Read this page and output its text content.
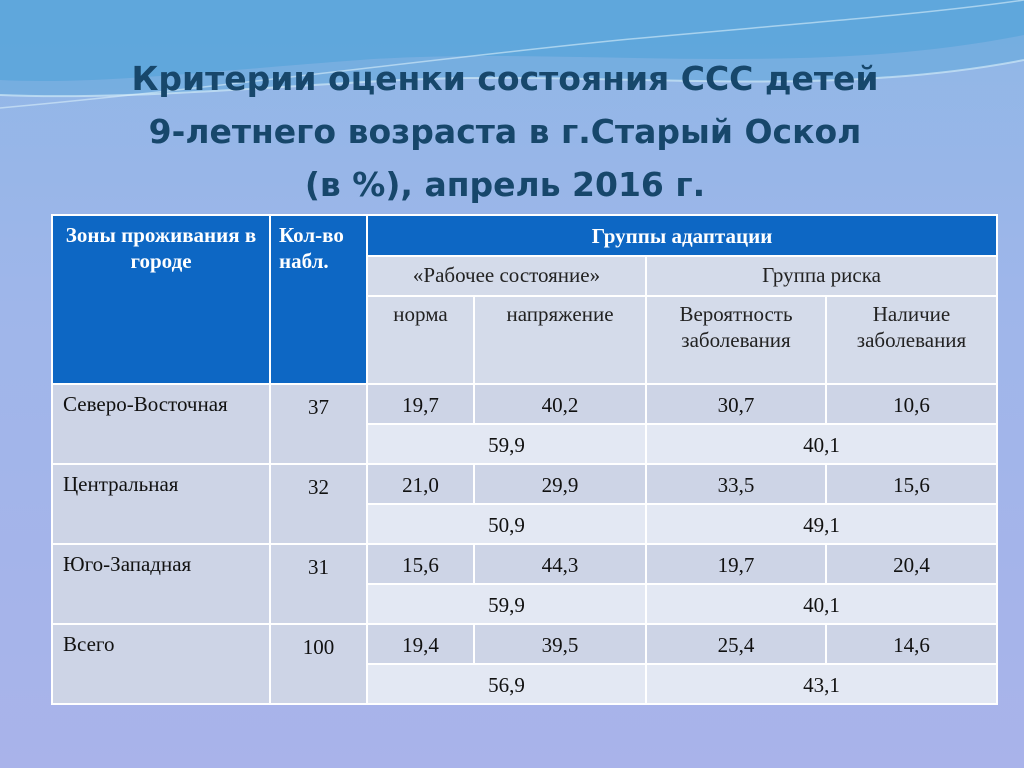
Критерии оценки состояния ССС детей
9-летнего возраста в г.Старый Оскол
(в %), апрель 2016 г.
Зоны проживания в городе	Кол-во набл.	Группы адаптации			
		«Рабочее состояние»		Группа риска	
		норма	напряжение	Вероятность заболевания	Наличие заболевания
Северо-Восточная	37	19,7	40,2	30,7	10,6
		59,9		40,1	
Центральная	32	21,0	29,9	33,5	15,6
		50,9		49,1	
Юго-Западная	31	15,6	44,3	19,7	20,4
		59,9		40,1	
Всего	100	19,4	39,5	25,4	14,6
		56,9		43,1	
